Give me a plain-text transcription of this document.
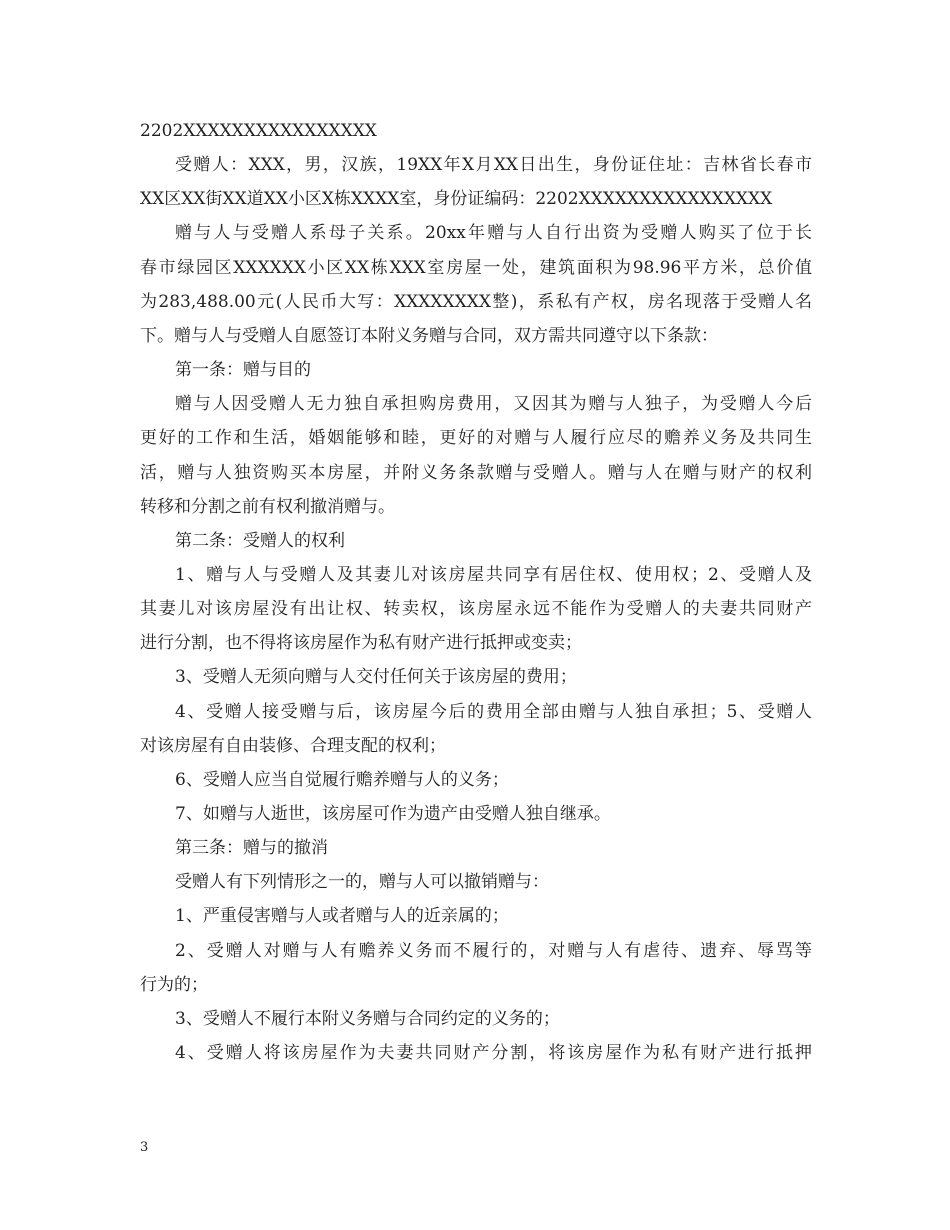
2202XXXXXXXXXXXXXXXX
受赠人：XXX，男，汉族，19XX年X月XX日出生，身份证住址：吉林省长春市
XX区XX街XX道XX小区X栋XXXX室，身份证编码：2202XXXXXXXXXXXXXXXX
赠与人与受赠人系母子关系。20xx年赠与人自行出资为受赠人购买了位于长
春市绿园区XXXXXX小区XX栋XXX室房屋一处，建筑面积为98.96平方米，总价值
为283,488.00元(人民币大写：XXXXXXXX整)，系私有产权，房名现落于受赠人名
下。赠与人与受赠人自愿签订本附义务赠与合同，双方需共同遵守以下条款：
第一条：赠与目的
赠与人因受赠人无力独自承担购房费用，又因其为赠与人独子，为受赠人今后
更好的工作和生活，婚姻能够和睦，更好的对赠与人履行应尽的赡养义务及共同生
活，赠与人独资购买本房屋，并附义务条款赠与受赠人。赠与人在赠与财产的权利
转移和分割之前有权利撤消赠与。
第二条：受赠人的权利
1、赠与人与受赠人及其妻儿对该房屋共同享有居住权、使用权；2、受赠人及
其妻儿对该房屋没有出让权、转卖权，该房屋永远不能作为受赠人的夫妻共同财产
进行分割，也不得将该房屋作为私有财产进行抵押或变卖；
3、受赠人无须向赠与人交付任何关于该房屋的费用；
4、受赠人接受赠与后，该房屋今后的费用全部由赠与人独自承担；5、受赠人
对该房屋有自由装修、合理支配的权利；
6、受赠人应当自觉履行赡养赠与人的义务；
7、如赠与人逝世，该房屋可作为遗产由受赠人独自继承。
第三条：赠与的撤消
受赠人有下列情形之一的，赠与人可以撤销赠与：
1、严重侵害赠与人或者赠与人的近亲属的；
2、受赠人对赠与人有赡养义务而不履行的，对赠与人有虐待、遗弃、辱骂等
行为的；
3、受赠人不履行本附义务赠与合同约定的义务的；
4、受赠人将该房屋作为夫妻共同财产分割，将该房屋作为私有财产进行抵押
3
